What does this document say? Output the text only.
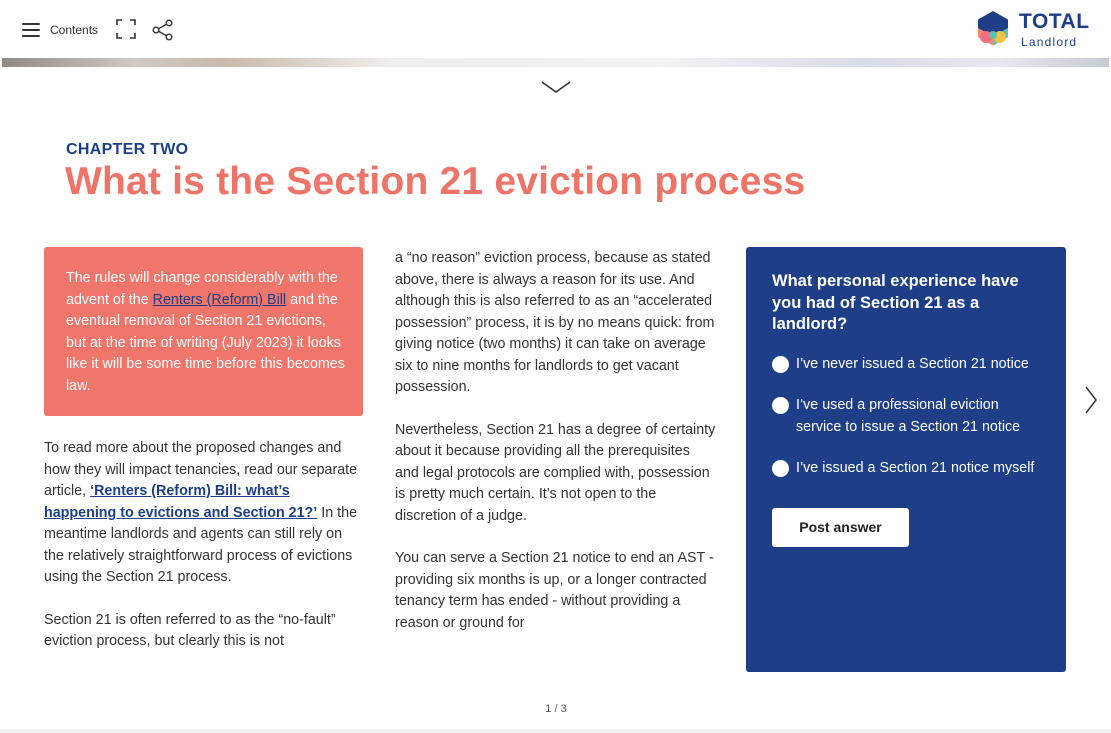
Contents	TOTAL
Landlord
CHAPTER TWO
What is the Section 21 eviction process
The rules will change considerably with the advent of the Renters (Reform) Bill and the eventual removal of Section 21 evictions, but at the time of writing (July 2023) it looks like it will be some time before this becomes law.

To read more about the proposed changes and how they will impact tenancies, read our separate article, ‘Renters (Reform) Bill: what’s happening to evictions and Section 21?’ In the meantime landlords and agents can still rely on the relatively straightforward process of evictions using the Section 21 process.

Section 21 is often referred to as the “no-fault” eviction process, but clearly this is not

a “no reason” eviction process, because as stated above, there is always a reason for its use. And although this is also referred to as an “accelerated possession” process, it is by no means quick: from giving notice (two months) it can take on average six to nine months for landlords to get vacant possession.

Nevertheless, Section 21 has a degree of certainty about it because providing all the prerequisites and legal protocols are complied with, possession is pretty much certain. It’s not open to the discretion of a judge.

You can serve a Section 21 notice to end an AST - providing six months is up, or a longer contracted tenancy term has ended - without providing a reason or ground for

What personal experience have you had of Section 21 as a landlord?
I’ve never issued a Section 21 notice
I’ve used a professional eviction service to issue a Section 21 notice
I’ve issued a Section 21 notice myself
Post answer
1 / 3
